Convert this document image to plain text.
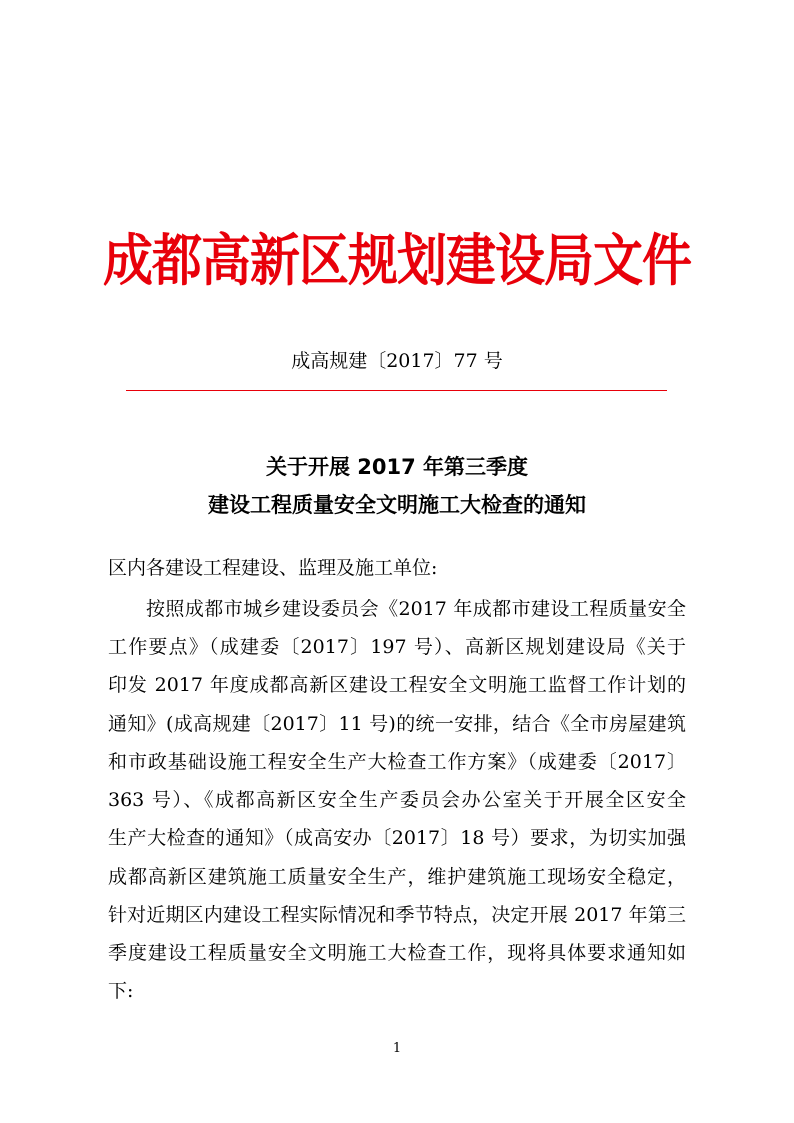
成都高新区规划建设局文件
成高规建〔2017〕77 号
关于开展 2017 年第三季度
建设工程质量安全文明施工大检查的通知
区内各建设工程建设、监理及施工单位:
按照成都市城乡建设委员会《2017 年成都市建设工程质量安全
工作要点》（成建委〔2017〕197 号）、高新区规划建设局《关于
印发 2017 年度成都高新区建设工程安全文明施工监督工作计划的
通知》(成高规建〔2017〕11 号)的统一安排，结合《全市房屋建筑
和市政基础设施工程安全生产大检查工作方案》（成建委〔2017〕
363 号）、《成都高新区安全生产委员会办公室关于开展全区安全
生产大检查的通知》（成高安办〔2017〕18 号）要求，为切实加强
成都高新区建筑施工质量安全生产，维护建筑施工现场安全稳定，
针对近期区内建设工程实际情况和季节特点，决定开展 2017 年第三
季度建设工程质量安全文明施工大检查工作，现将具体要求通知如
下:
1
